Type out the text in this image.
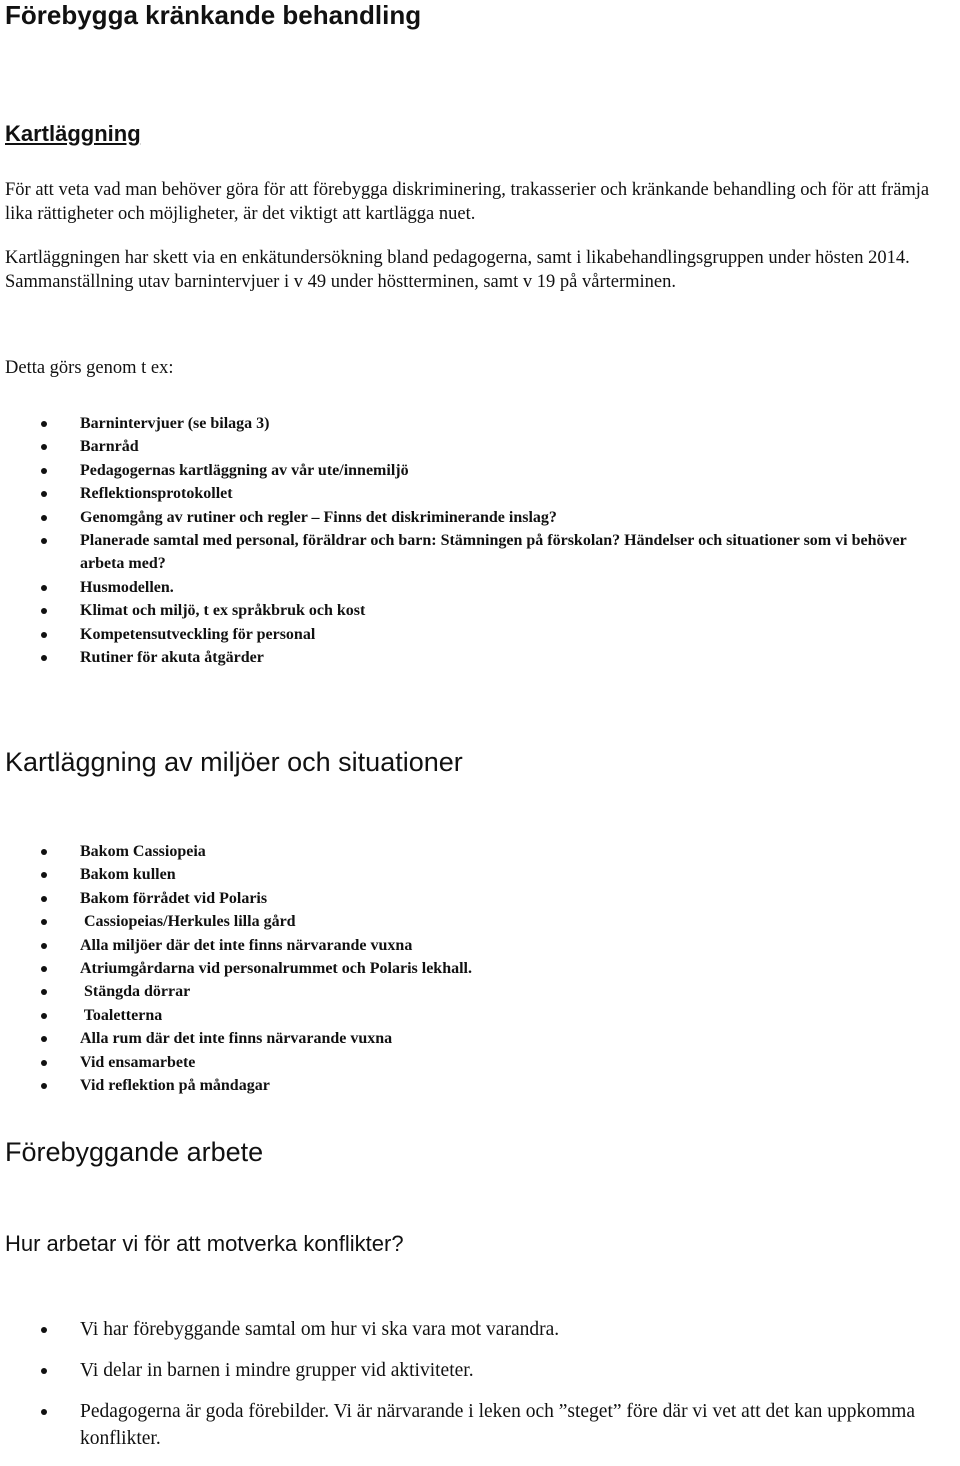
Förebygga kränkande behandling
Kartläggning
För att veta vad man behöver göra för att förebygga diskriminering, trakasserier och kränkande behandling och för att främja lika rättigheter och möjligheter, är det viktigt att kartlägga nuet.
Kartläggningen har skett via en enkätundersökning bland pedagogerna, samt i likabehandlingsgruppen under hösten 2014. Sammanställning utav barnintervjuer i v 49 under höstterminen, samt v 19 på vårterminen.
Detta görs genom t ex:
Barnintervjuer (se bilaga 3)
Barnråd
Pedagogernas kartläggning av vår ute/innemiljö
Reflektionsprotokollet
Genomgång av rutiner och regler – Finns det diskriminerande inslag?
Planerade samtal med personal, föräldrar och barn: Stämningen på förskolan? Händelser och situationer som vi behöver arbeta med?
Husmodellen.
Klimat och miljö, t ex språkbruk och kost
Kompetensutveckling för personal
Rutiner för akuta åtgärder
Kartläggning av miljöer och situationer
Bakom Cassiopeia
Bakom kullen
Bakom förrådet vid Polaris
Cassiopeias/Herkules lilla gård
Alla miljöer där det inte finns närvarande vuxna
Atriumgårdarna vid personalrummet och Polaris lekhall.
Stängda dörrar
Toaletterna
Alla rum där det inte finns närvarande vuxna
Vid ensamarbete
Vid reflektion på måndagar
Förebyggande arbete
Hur arbetar vi för att motverka konflikter?
Vi har förebyggande samtal om hur vi ska vara mot varandra.
Vi delar in barnen i mindre grupper vid aktiviteter.
Pedagogerna är goda förebilder. Vi är närvarande i leken och ”steget” före där vi vet att det kan uppkomma konflikter.
